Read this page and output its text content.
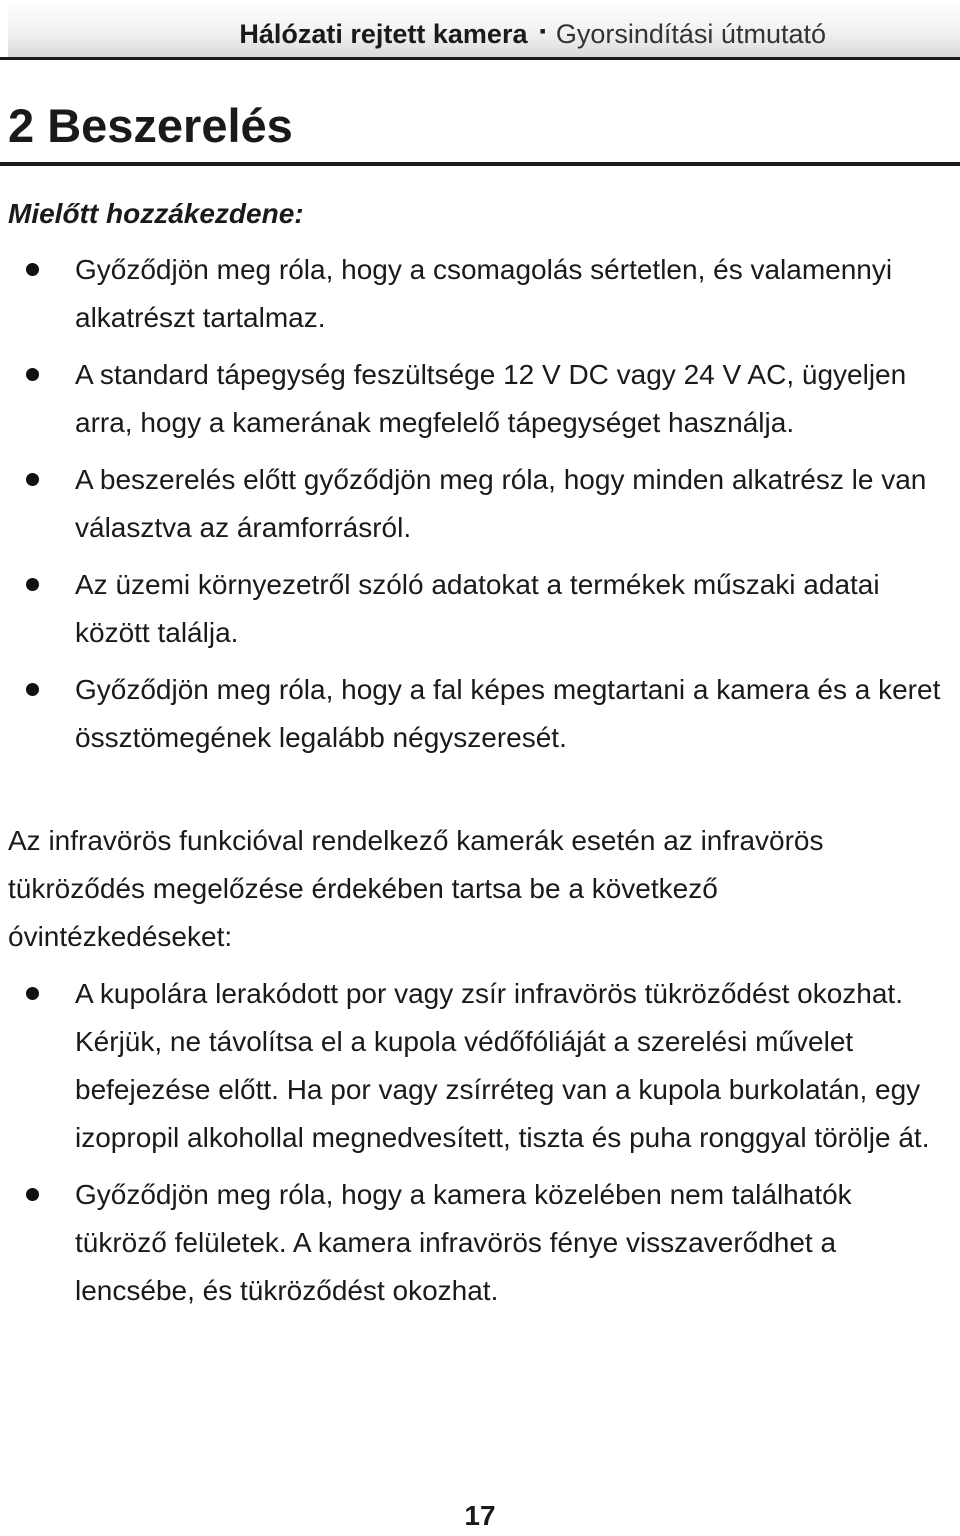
Hálózati rejtett kamera ▪ Gyorsindítási útmutató
2 Beszerelés
Mielőtt hozzákezdene:
Győződjön meg róla, hogy a csomagolás sértetlen, és valamennyi alkatrészt tartalmaz.
A standard tápegység feszültsége 12 V DC vagy 24 V AC, ügyeljen arra, hogy a kamerának megfelelő tápegységet használja.
A beszerelés előtt győződjön meg róla, hogy minden alkatrész le van választva az áramforrásról.
Az üzemi környezetről szóló adatokat a termékek műszaki adatai között találja.
Győződjön meg róla, hogy a fal képes megtartani a kamera és a keret össztömegének legalább négyszeresét.

Az infravörös funkcióval rendelkező kamerák esetén az infravörös tükröződés megelőzése érdekében tartsa be a következő óvintézkedéseket:

A kupolára lerakódott por vagy zsír infravörös tükröződést okozhat. Kérjük, ne távolítsa el a kupola védőfóliáját a szerelési művelet befejezése előtt. Ha por vagy zsírréteg van a kupola burkolatán, egy izopropil alkohollal megnedvesített, tiszta és puha ronggyal törölje át.
Győződjön meg róla, hogy a kamera közelében nem találhatók tükröző felületek. A kamera infravörös fénye visszaverődhet a lencsébe, és tükröződést okozhat.
17
